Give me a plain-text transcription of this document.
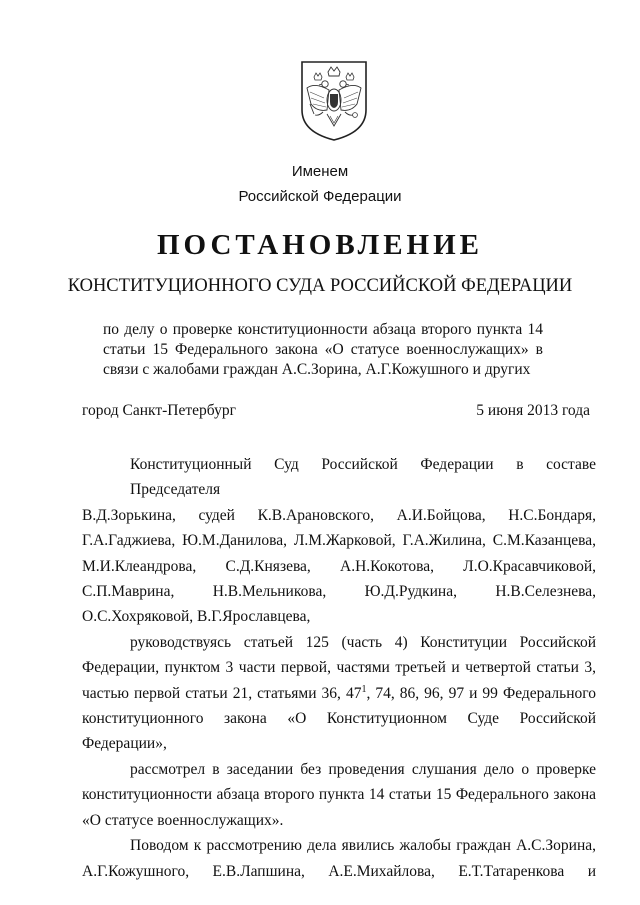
Именем
Российской Федерации
ПОСТАНОВЛЕНИЕ
КОНСТИТУЦИОННОГО СУДА РОССИЙСКОЙ ФЕДЕРАЦИИ
по делу о проверке конституционности абзаца второго пункта 14
статьи 15 Федерального закона «О статусе военнослужащих» в
связи с жалобами граждан А.С.Зорина, А.Г.Кожушного и других
город Санкт-Петербург	5 июня 2013 года
Конституционный Суд Российской Федерации в составе Председателя
В.Д.Зорькина, судей К.В.Арановского, А.И.Бойцова, Н.С.Бондаря,
Г.А.Гаджиева, Ю.М.Данилова, Л.М.Жарковой, Г.А.Жилина, С.М.Казанцева,
М.И.Клеандрова, С.Д.Князева, А.Н.Кокотова, Л.О.Красавчиковой,
С.П.Маврина, Н.В.Мельникова, Ю.Д.Рудкина, Н.В.Селезнева,
О.С.Хохряковой, В.Г.Ярославцева,
руководствуясь статьей 125 (часть 4) Конституции Российской
Федерации, пунктом 3 части первой, частями третьей и четвертой статьи 3,
частью первой статьи 21, статьями 36, $47^1$, 74, 86, 96, 97 и 99 Федерального
конституционного закона «О Конституционном Суде Российской
Федерации»,
рассмотрел в заседании без проведения слушания дело о проверке
конституционности абзаца второго пункта 14 статьи 15 Федерального закона
«О статусе военнослужащих».
Поводом к рассмотрению дела явились жалобы граждан А.С.Зорина,
А.Г.Кожушного, Е.В.Лапшина, А.Е.Михайлова, Е.Т.Татаренкова и
